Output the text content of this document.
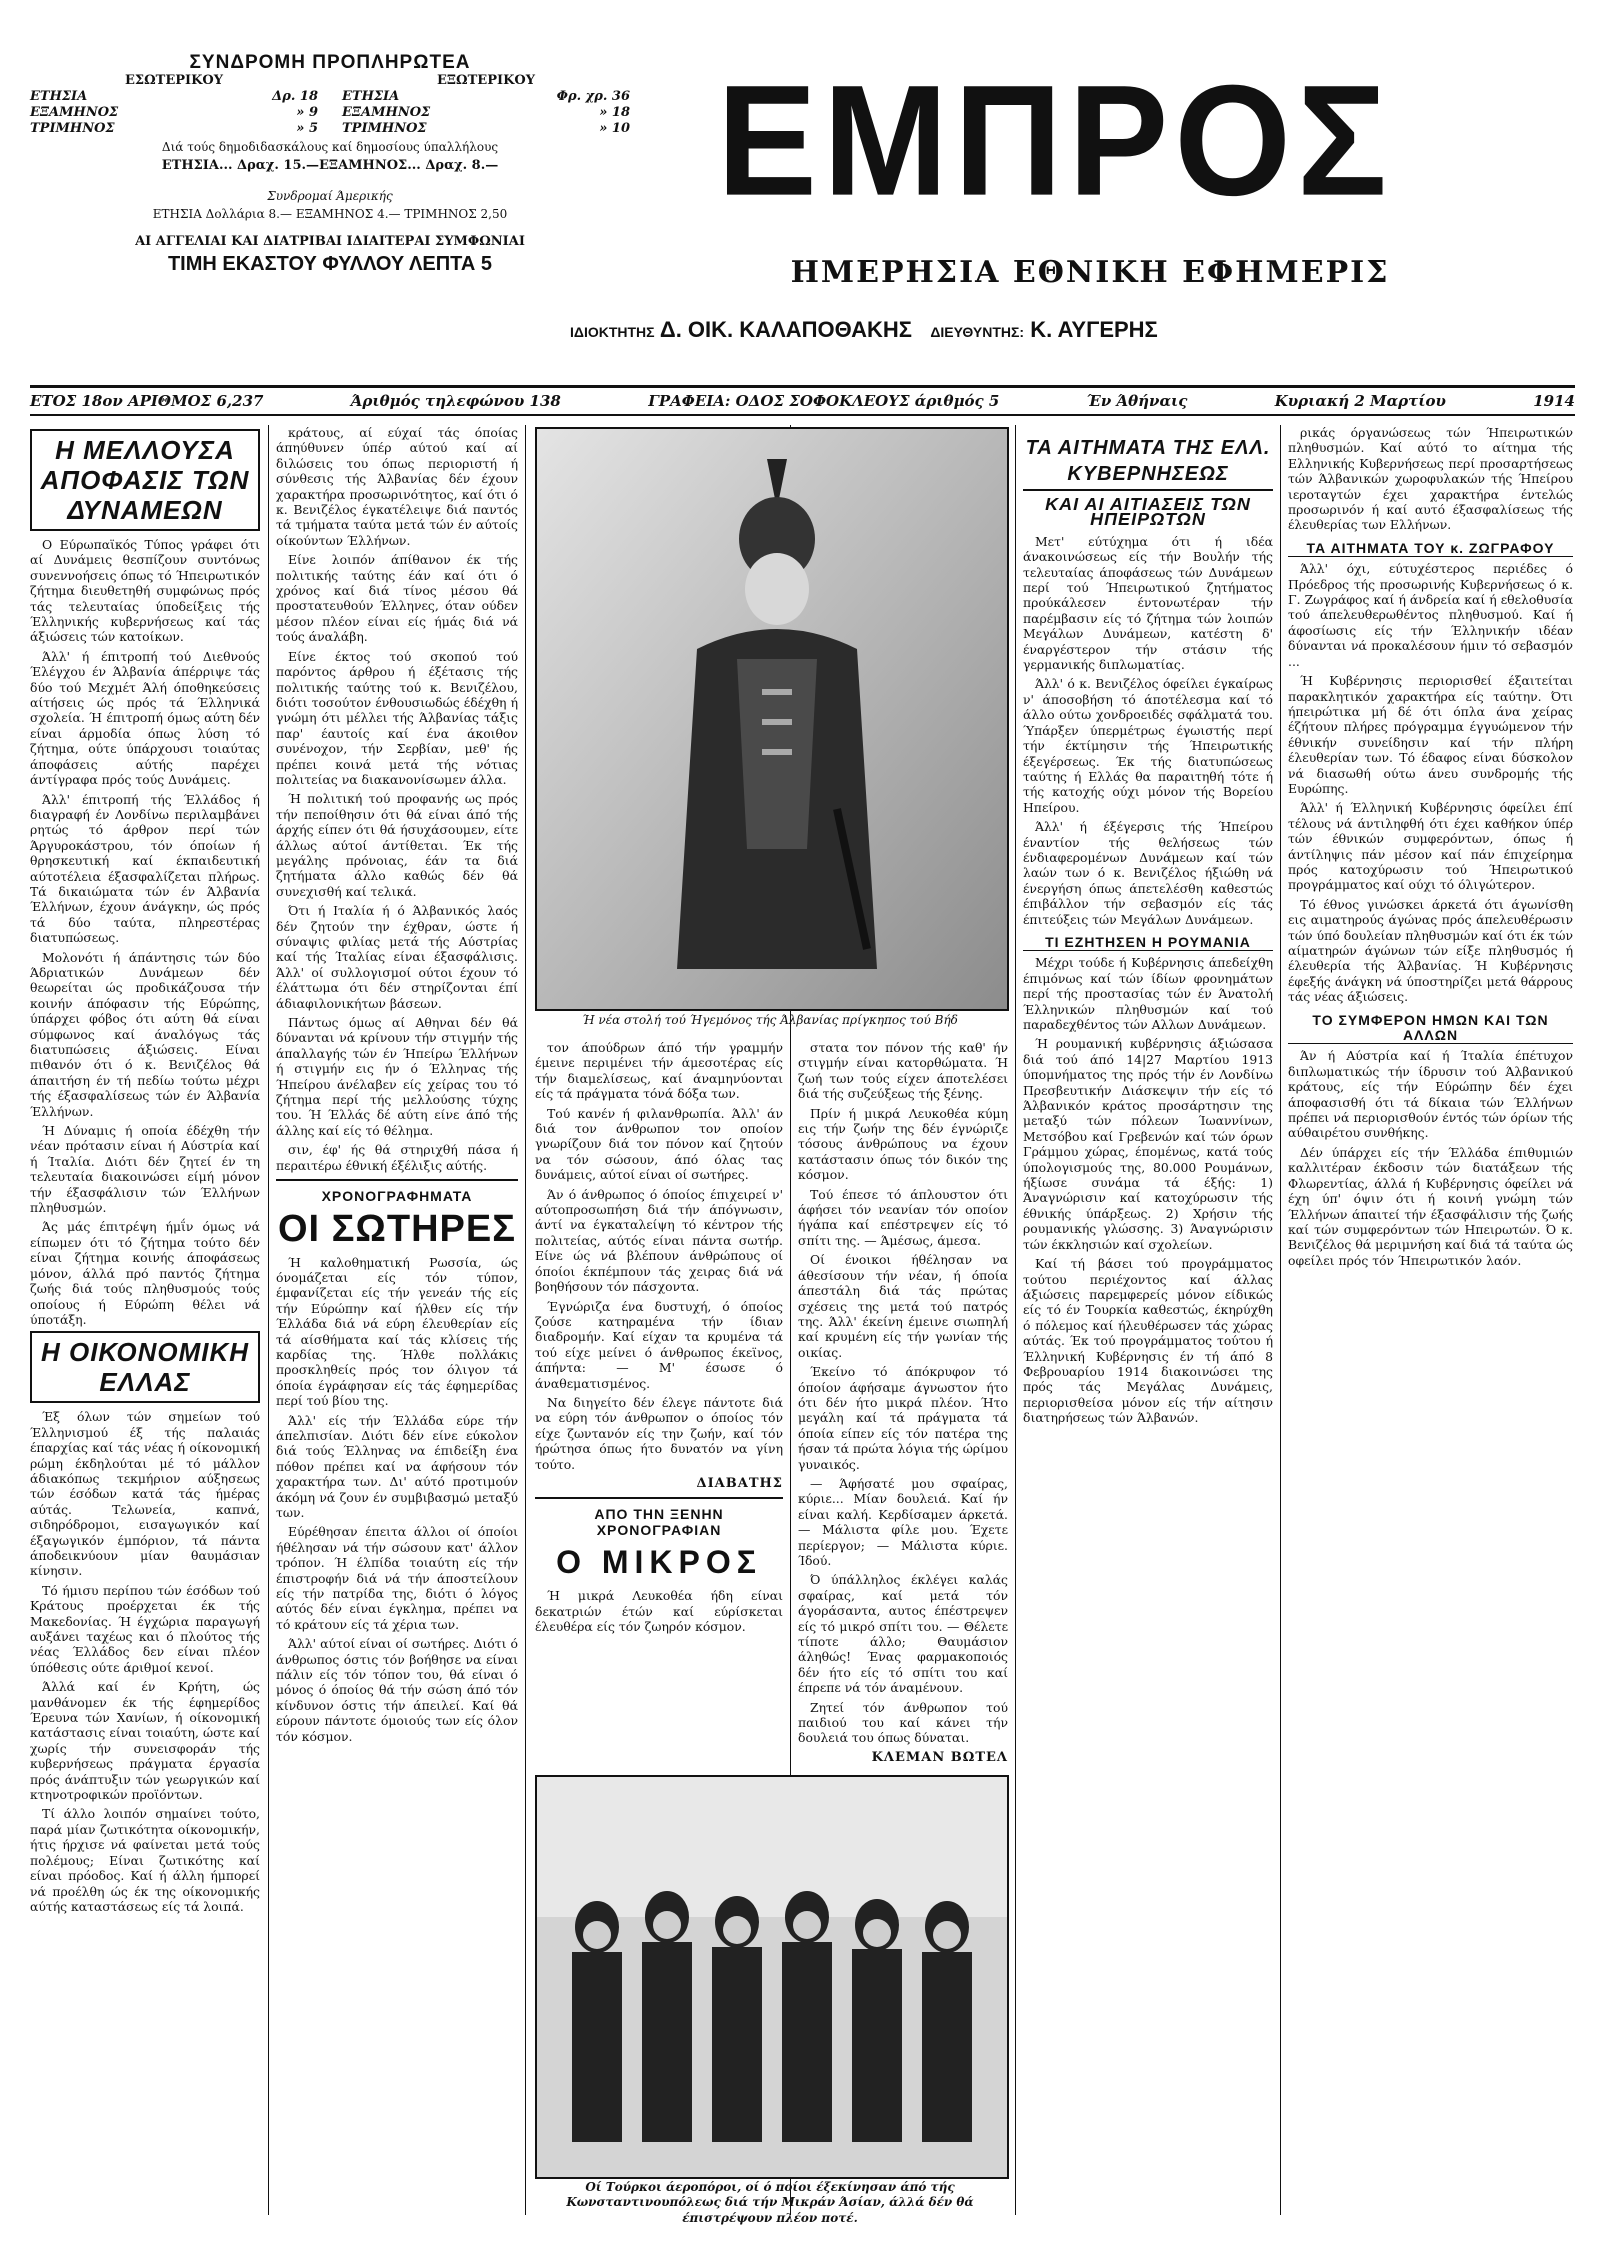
ΣΥΝΔΡΟΜΗ ΠΡΟΠΛΗΡΩΤΕΑ
ΕΣΩΤΕΡΙΚΟΥ
ΕΤΗΣΙΑ	Δρ. 18
ΕΞΑΜΗΝΟΣ	» 9
ΤΡΙΜΗΝΟΣ	» 5
ΕΞΩΤΕΡΙΚΟΥ
ΕΤΗΣΙΑ	Φρ. χρ. 36
ΕΞΑΜΗΝΟΣ	» 18
ΤΡΙΜΗΝΟΣ	» 10
Διά τούς δημοδιδασκάλους καί δημοσίους ύπαλλήλους
ΕΤΗΣΙΑ... Δραχ. 15.—ΕΞΑΜΗΝΟΣ... Δραχ. 8.—
Συνδρομαί Άμερικής
ΕΤΗΣΙΑ Δολλάρια 8.— ΕΞΑΜΗΝΟΣ 4.— ΤΡΙΜΗΝΟΣ 2,50
ΑΙ ΑΓΓΕΛΙΑΙ ΚΑΙ ΔΙΑΤΡΙΒΑΙ ΙΔΙΑΙΤΕΡΑΙ ΣΥΜΦΩΝΙΑΙ
ΤΙΜΗ ΕΚΑΣΤΟΥ ΦΥΛΛΟΥ ΛΕΠΤΑ 5
ΕΜΠΡΟΣ
ΗΜΕΡΗΣΙΑ ΕΘΝΙΚΗ ΕΦΗΜΕΡΙΣ
ΙΔΙΟΚΤΗΤΗΣ Δ. ΟΙΚ. ΚΑΛΑΠΟΘΑΚΗΣ ΔΙΕΥΘΥΝΤΗΣ: Κ. ΑΥΓΕΡΗΣ
ΕΤΟΣ 18ον ΑΡΙΘΜΟΣ 6,237	Άριθμός τηλεφώνου 138	ΓΡΑΦΕΙΑ: ΟΔΟΣ ΣΟΦΟΚΛΕΟΥΣ άριθμός 5	Έν Άθήναις	Κυριακή 2 Μαρτίου	1914
Η ΜΕΛΛΟΥΣΑ ΑΠΟΦΑΣΙΣ ΤΩΝ ΔΥΝΑΜΕΩΝ

Ο Εύρωπαϊκός Τύπος γράφει ότι αί Δυνάμεις θεσπίζουν συντόνως συνεννοήσεις όπως τό Ήπειρωτικόν ζήτημα διευθετηθή συμφώνως πρός τάς τελευταίας ύποδείξεις τής Έλληνικής κυβερνήσεως καί τάς άξιώσεις τών κατοίκων.

Άλλ' ή έπιτροπή τού Διεθνούς Έλέγχου έν Άλβανία άπέρριψε τάς δύο τού Μεχμέτ Άλή όποθηκεύσεις αίτήσεις ώς πρός τά Έλληνικά σχολεία. Ή έπιτροπή όμως αύτη δέν είναι άρμοδία όπως λύση τό ζήτημα, ούτε ύπάρχουσι τοιαύτας άποφάσεις αύτής παρέχει άντίγραφα πρός τούς Δυνάμεις.

Άλλ' έπιτροπή τής Έλλάδος ή διαγραφή έν Λονδίνω περιλαμβάνει ρητώς τό άρθρον περί τών Άργυροκάστρου, τόν όποίων ή θρησκευτική καί έκπαιδευτική αύτοτέλεια έξασφαλίζεται πλήρως. Τά δικαιώματα τών έν Άλβανία Έλλήνων, έχουν άνάγκην, ώς πρός τά δύο ταύτα, πληρεστέρας διατυπώσεως.

Μολονότι ή άπάντησις τών δύο Άδριατικών Δυνάμεων δέν θεωρείται ώς προδικάζουσα τήν κοινήν άπόφασιν τής Εύρώπης, ύπάρχει φόβος ότι αύτη θά είναι σύμφωνος καί άναλόγως τάς διατυπώσεις άξιώσεις. Είναι πιθανόν ότι ό κ. Βενιζέλος θά άπαιτήση έν τή πεδίω τούτω μέχρι τής έξασφαλίσεως τών έν Άλβανία Έλλήνων.

Ή Δύναμις ή οποία έδέχθη τήν νέαν πρότασιν είναι ή Αύστρία καί ή Ίταλία. Διότι δέν ζητεί έν τη τελευταία διακοινώσει είμή μόνον τήν έξασφάλισιν τών Έλλήνων πληθυσμών.

Άς μάς έπιτρέψη ήμΐν όμως νά είπωμεν ότι τό ζήτημα τούτο δέν είναι ζήτημα κοινής άποφάσεως μόνον, άλλά πρό παντός ζήτημα ζωής διά τούς πληθυσμούς τούς οποίους ή Εύρώπη θέλει νά ύποτάξη.

Η ΟΙΚΟΝΟΜΙΚΗ ΕΛΛΑΣ

Έξ όλων τών σημείων τού Έλληνισμού έξ τής παλαιάς έπαρχίας καί τάς νέας ή οίκονομική ρώμη έκδηλούται μέ τό μάλλον άδιακόπως τεκμήριον αύξησεως τών έσόδων κατά τάς ήμέρας αύτάς. Τελωνεία, καπνά, σιδηρόδρομοι, εισαγωγικόν καί έξαγωγικόν έμπόριον, τά πάντα άποδεικνύουν μίαν θαυμάσιαν κίνησιν.

Τό ήμισυ περίπου τών έσόδων τού Κράτους προέρχεται έκ τής Μακεδονίας. Ή έγχώρια παραγωγή αυξάνει ταχέως και ό πλούτος τής νέας Έλλάδος δεν είναι πλέον ύπόθεσις ούτε άριθμοί κενοί.

Άλλά καί έν Κρήτη, ώς μανθάνομεν έκ τής έφημερίδος Έρευνα τών Χανίων, ή οίκονομική κατάστασις είναι τοιαύτη, ώστε καί χωρίς τήν συνεισφοράν τής κυβερνήσεως πράγματα έργασία πρός άνάπτυξιν τών γεωργικών καί κτηνοτροφικών προϊόντων.

Τί άλλο λοιπόν σημαίνει τούτο, παρά μίαν ζωτικότητα οίκονομικήν, ήτις ήρχισε νά φαίνεται μετά τούς πολέμους; Είναι ζωτικότης καί είναι πρόοδος. Καί ή άλλη ήμπορεί νά προέλθη ώς έκ της οίκονομικής αύτής καταστάσεως είς τά λοιπά.

κράτους, αί εύχαί τάς όποίας άπηύθυνεν ύπέρ αύτού καί αί διλώσεις του όπως περιοριστή ή σύνθεσις τής Άλβανίας δέν έχουν χαρακτήρα προσωρινότητος, καί ότι ό κ. Βενιζέλος έγκατέλειψε διά παντός τά τμήματα ταύτα μετά τών έν αύτοίς οίκούντων Έλλήνων.

Είνε λοιπόν άπίθανον έκ τής πολιτικής ταύτης έάν καί ότι ό χρόνος καί διά τίνος μέσου θά προστατευθούν Έλληνες, όταν ούδεν μέσον πλέον είναι είς ήμάς διά νά τούς άναλάβη.

Είνε έκτος τού σκοπού τού παρόντος άρθρου ή έξέτασις τής πολιτικής ταύτης τού κ. Βενιζέλου, διότι τοσούτον ένθουσιωδώς έδέχθη ή γνώμη ότι μέλλει τής Άλβανίας τάξις παρ' έαυτοίς καί ένα άκοιθον συνένοχον, τήν Σερβίαν, μεθ' ής πρέπει κοινά μετά τής νότιας πολιτείας να διακανονίσωμεν άλλα.

Ή πολιτική τού προφανής ως πρός τήν πεποίθησιν ότι θά είναι άπό τής άρχής είπεν ότι θά ήσυχάσουμεν, είτε άλλως αύτοί άντίθεται. Έκ τής μεγάλης πρόνοιας, έάν τα διά ζητήματα άλλο καθώς δέν θά συνεχισθή καί τελικά.

Ότι ή Ιταλία ή ό Άλβανικός λαός δέν ζητούν την έχθραν, ώστε ή σύναψις φιλίας μετά τής Αύστρίας καί τής Ίταλίας είναι έξασφάλισις. Άλλ' οί συλλογισμοί ούτοι έχουν τό έλάττωμα ότι δέν στηρίζονται έπί άδιαφιλονικήτων βάσεων.

Πάντως όμως αί Αθηναι δέν θά δύνανται νά κρίνουν τήν στιγμήν τής άπαλλαγής τών έν Ήπείρω Έλλήνων ή στιγμήν εις ήν ό Έλληνας τής Ήπείρου άνέλαβεν είς χείρας του τό ζήτημα περί τής μελλούσης τύχης του. Ή Έλλάς δέ αύτη είνε άπό τής άλλης καί είς τό θέλημα.

σιν, έφ' ής θά στηριχθή πάσα ή περαιτέρω έθνική έξέλιξις αύτής.

ΧΡΟΝΟΓΡΑΦΗΜΑΤΑ
ΟΙ ΣΩΤΗΡΕΣ

Ή καλοθηματική Ρωσσία, ώς όνομάζεται είς τόν τύπον, έμφανίζεται είς τήν γενεάν τής είς τήν Εύρώπην καί ήλθεν είς τήν Έλλάδα διά νά εύρη έλευθερίαν είς τά αίσθήματα καί τάς κλίσεις τής καρδίας της. Ήλθε πολλάκις προσκληθείς πρός τον όλιγον τά όποία έγράφησαν είς τάς έφημερίδας περί τού βίου της.

Άλλ' είς τήν Έλλάδα εύρε τήν άπελπισίαν. Διότι δέν είνε εύκολον διά τούς Έλληνας να έπιδείξη ένα πόθον πρέπει καί να άφήσουν τόν χαρακτήρα των. Δι' αύτό προτιμούν άκόμη νά ζουν έν συμβιβασμώ μεταξύ των.

Εύρέθησαν έπειτα άλλοι οί όποίοι ήθέλησαν νά τήν σώσουν κατ' άλλον τρόπον. Ή έλπίδα τοιαύτη είς τήν έπιστροφήν διά νά τήν άποστείλουν είς τήν πατρίδα της, διότι ό λόγος αύτός δέν είναι έγκλημα, πρέπει να τό κράτουν είς τά χέρια των.

Άλλ' αύτοί είναι οί σωτήρες. Διότι ό άνθρωπος όστις τόν βοήθησε να είναι πάλιν είς τόν τόπον του, θά είναι ό μόνος ό όποίος θά τήν σώση άπό τόν κίνδυνον όστις τήν άπειλεί. Καί θά εύρουν πάντοτε όμοιούς των είς όλον τόν κόσμον.

Ή νέα στολή τού Ήγεμόνος τής Άλβανίας πρίγκηπος τού Βήδ

τον άπούδρων άπό τήν γραμμήν έμεινε περιμένει τήν άμεσοτέρας είς τήν διαμελίσεως, καί άναμηνύονται είς τά πράγματα τόνά δόξα των.

Τού κανέν ή φιλανθρωπία. Άλλ' άν διά τον άνθρωπον τον οποίον γνωρίζουν διά τον πόνον καί ζητούν να τόν σώσουν, άπό όλας τας δυνάμεις, αύτοί είναι οί σωτήρες.

Άν ό άνθρωπος ό όποίος έπιχειρεί ν' αύτοπροσωπήση διά τήν άπόγνωσιν, άντί να έγκαταλείψη τό κέντρον τής πολιτείας, αύτός είναι πάντα σωτήρ. Είνε ώς νά βλέπουν άνθρώπους οί όποίοι έκπέμπουν τάς χειρας διά νά βοηθήσουν τόν πάσχοντα.

Έγνώριζα ένα δυστυχή, ό όποίος ζούσε κατηραμένα τήν ίδιαν διαδρομήν. Καί είχαν τα κρυμένα τά τού είχε μείνει ό άνθρωπος έκεϊνος, άπήντα: — Μ' έσωσε ό άναθεματισμένος.

Να διηγείτο δέν έλεγε πάντοτε διά να εύρη τόν άνθρωπον ο όποίος τόν είχε ζωντανόν είς την ζωήν, καί τόν ήρώτησα όπως ήτο δυνατόν να γίνη τούτο.

ΔΙΑΒΑΤΗΣ
ΑΠΟ ΤΗΝ ΞΕΝΗΝ ΧΡΟΝΟΓΡΑΦΙΑΝ
Ο ΜΙΚΡΟΣ

Ή μικρά Λευκοθέα ήδη είναι δεκατριών έτών καί εύρίσκεται έλευθέρα είς τόν ζωηρόν κόσμον.

στατα τον πόνον τής καθ' ήν στιγμήν είναι κατορθώματα. Ή ζωή των τούς είχεν άποτελέσει διά τής συζεύξεως τής ξένης.

Πρίν ή μικρά Λευκοθέα κύμη εις τήν ζωήν της δέν έγνώριζε τόσους άνθρώπους να έχουν κατάστασιν όπως τόν δικόν της κόσμον.

Τού έπεσε τό άπλουστον ότι άφήσει τόν νεανίαν τόν οποίον ήγάπα καί επέστρεψεν είς τό σπίτι της. — Άμέσως, άμεσα.

Οί ένοικοι ήθέλησαν να άθεσίσουν τήν νέαν, ή όποία άπεστάλη διά τάς πρώτας σχέσεις της μετά τού πατρός της. Άλλ' έκείνη έμεινε σιωπηλή καί κρυμένη είς τήν γωνίαν τής οικίας.

Έκείνο τό άπόκρυφον τό όποίον άφήσαμε άγνωστον ήτο ότι δέν ήτο μικρά πλέον. Ήτο μεγάλη καί τά πράγματα τά όποία είπεν είς τόν πατέρα της ήσαν τά πρώτα λόγια τής ώρίμου γυναικός.

— Άφήσατέ μου σφαίρας, κύριε... Μίαν δουλειά. Καί ήν είναι καλή. Κερδίσαμεν άρκετά. — Μάλιστα φίλε μου. Έχετε περίεργον; — Μάλιστα κύριε. Ίδού.

Ό ύπάλληλος έκλέγει καλάς σφαίρας, καί μετά τόν άγοράσαντα, αυτος έπέστρεψεν είς τό μικρό σπίτι του. — Θέλετε τίποτε άλλο; Θαυμάσιον άληθώς! Ένας φαρμακοποιός δέν ήτο είς τό σπίτι του καί έπρεπε νά τόν άναμένουν.

Ζητεί τόν άνθρωπον τού παιδιού του καί κάνει τήν δουλειά του όπως δύναται.

ΚΛΕΜΑΝ ΒΩΤΕΛ
Οί Τούρκοι άεροπόροι, οί ό ποίοι έξεκίνησαν άπό τής Κωνσταντινουπόλεως διά τήν Μικράν Άσίαν, άλλά δέν θά έπιστρέψουν πλέον ποτέ.
ΤΑ ΑΙΤΗΜΑΤΑ ΤΗΣ ΕΛΛ. ΚΥΒΕΡΝΗΣΕΩΣ
ΚΑΙ ΑΙ ΑΙΤΙΑΣΕΙΣ ΤΩΝ ΗΠΕΙΡΩΤΩΝ

Μετ' εύτύχημα ότι ή ιδέα άνακοινώσεως είς τήν Βουλήν τής τελευταίας άποφάσεως τών Δυνάμεων περί τού Ήπειρωτικού ζητήματος προύκάλεσεν έντονωτέραν τήν παρέμβασιν είς τό ζήτημα τών λοιπών Μεγάλων Δυνάμεων, κατέστη δ' έναργέστερον τήν στάσιν τής γερμανικής διπλωματίας.

Άλλ' ό κ. Βενιζέλος όφείλει έγκαίρως ν' άποσοβήση τό άποτέλεσμα καί τό άλλο ούτω χονδροειδές σφάλματά του. Ύπάρξεν ύπερμέτρως έγωιστής περί τήν έκτίμησιν τής Ήπειρωτικής έξεγέρσεως. Έκ τής διατυπώσεως ταύτης ή Ελλάς θα παραιτηθή τότε ή τής κατοχής ούχι μόνον τής Βορείου Ηπείρου.

Άλλ' ή έξέγερσις τής Ήπείρου έναντίον τής θελήσεως τών ένδιαφερομένων Δυνάμεων καί τών λαών των ό κ. Βενιζέλος ήξιώθη νά ένεργήση όπως άπετελέσθη καθεστώς έπιβάλλον τήν σεβασμόν είς τάς έπιτεύξεις τών Μεγάλων Δυνάμεων.

ΤΙ ΕΖΗΤΗΣΕΝ Η ΡΟΥΜΑΝΙΑ

Μέχρι τούδε ή Κυβέρνησις άπεδείχθη έπιμόνως καί τών ίδίων φρονημάτων περί τής προστασίας τών έν Άνατολή Έλληνικών πληθυσμών καί τού παραδεχθέντος τών Αλλων Δυνάμεων.

Ή ρουμανική κυβέρνησις άξιώσασα διά τού άπό 14|27 Μαρτίου 1913 ύπομνήματος της πρός τήν έν Λονδίνω Πρεσβευτικήν Διάσκεψιν τήν είς τό Άλβανικόν κράτος προσάρτησιν της μεταξύ τών πόλεων Ίωαννίνων, Μετσόβου καί Γρεβενών καί τών όρων Γράμμου χώρας, έπομένως, κατά τούς ύπολογισμούς της, 80.000 Ρουμάνων, ήξίωσε συνάμα τά έξής: 1) Άναγνώρισιν καί κατοχύρωσιν τής έθνικής ύπάρξεως. 2) Χρήσιν τής ρουμανικής γλώσσης. 3) Άναγνώρισιν τών έκκλησιών καί σχολείων.

Καί τή βάσει τού προγράμματος τούτου περιέχοντος καί άλλας άξιώσεις παρεμφερείς μόνον είδικώς είς τό έν Τουρκία καθεστώς, έκηρύχθη ό πόλεμος καί ήλευθέρωσεν τάς χώρας αύτάς. Έκ τού προγράμματος τούτου ή Έλληνική Κυβέρνησις έν τή άπό 8 Φεβρουαρίου 1914 διακοινώσει της πρός τάς Μεγάλας Δυνάμεις, περιορισθείσα μόνον είς τήν αίτησιν διατηρήσεως τών Άλβανών.

ρικάς όργανώσεως τών Ήπειρωτικών πληθυσμών. Καί αύτό το αίτημα τής Ελληνικής Κυβερνήσεως περί προσαρτήσεως τών Άλβανικών χωροφυλακών τής Ήπείρου ιεροταγτών έχει χαρακτήρα έντελώς προσωρινόν ή καί αυτό έξασφαλίσεως τής έλευθερίας των Ελλήνων.

ΤΑ ΑΙΤΗΜΑΤΑ ΤΟΥ κ. ΖΩΓΡΑΦΟΥ

Άλλ' όχι, εύτυχέστερος περιέδες ό Πρόεδρος τής προσωρινής Κυβερνήσεως ό κ. Γ. Ζωγράφος καί ή άνδρεία καί ή εθελοθυσία τού άπελευθερωθέντος πληθυσμού. Καί ή άφοσίωσις είς τήν Έλληνικήν ιδέαν δύνανται νά προκαλέσουν ήμιν τό σεβασμόν ...

Ή Κυβέρνησις περιορισθεί έξαιτείται παρακλητικόν χαρακτήρα είς ταύτην. Ότι ήπειρώτικα μή δέ ότι όπλα άνα χείρας έζήτουν πλήρες πρόγραμμα έγγυώμενον τήν έθνικήν συνείδησιν καί τήν πλήρη έλευθερίαν των. Τό έδαφος είναι δύσκολον νά διασωθή ούτω άνευ συνδρομής τής Ευρώπης.

Άλλ' ή Έλληνική Κυβέρνησις όφείλει έπί τέλους νά άντιληφθή ότι έχει καθήκον ύπέρ τών έθνικών συμφερόντων, όπως ή άντίληψις πάν μέσον καί πάν έπιχείρημα πρός κατοχύρωσιν τού Ήπειρωτικού προγράμματος καί ούχι τό όλιγώτερον.

Τό έθνος γινώσκει άρκετά ότι άγωνίσθη εις αιματηρούς άγώνας πρός άπελευθέρωσιν τών ύπό δουλείαν πληθυσμών καί ότι έκ τών αίματηρών άγώνων τών είξε πληθυσμός ή έλευθερία τής Άλβανίας. Ή Κυβέρνησις έφεξής άνάγκη νά ύποστηρίζει μετά θάρρους τάς νέας άξιώσεις.

ΤΟ ΣΥΜΦΕΡΟΝ ΗΜΩΝ ΚΑΙ ΤΩΝ ΑΛΛΩΝ

Άν ή Αύστρία καί ή Ίταλία έπέτυχον διπλωματικώς τήν ίδρυσιν τού Άλβανικού κράτους, είς τήν Εύρώπην δέν έχει άποφασισθή ότι τά δίκαια τών Έλλήνων πρέπει νά περιορισθούν έντός τών όρίων τής αύθαιρέτου συνθήκης.

Δέν ύπάρχει είς τήν Έλλάδα έπιθυμιών καλλιτέραν έκδοσιν τών διατάξεων τής Φλωρεντίας, άλλά ή Κυβέρνησις όφείλει νά έχη ύπ' όψιν ότι ή κοινή γνώμη τών Έλλήνων άπαιτεί τήν έξασφάλισιν τής ζωής καί τών συμφερόντων τών Ηπειρωτών. Ό κ. Βενιζέλος θά μεριμνήση καί διά τά ταύτα ώς οφείλει πρός τόν Ήπειρωτικόν λαόν.
